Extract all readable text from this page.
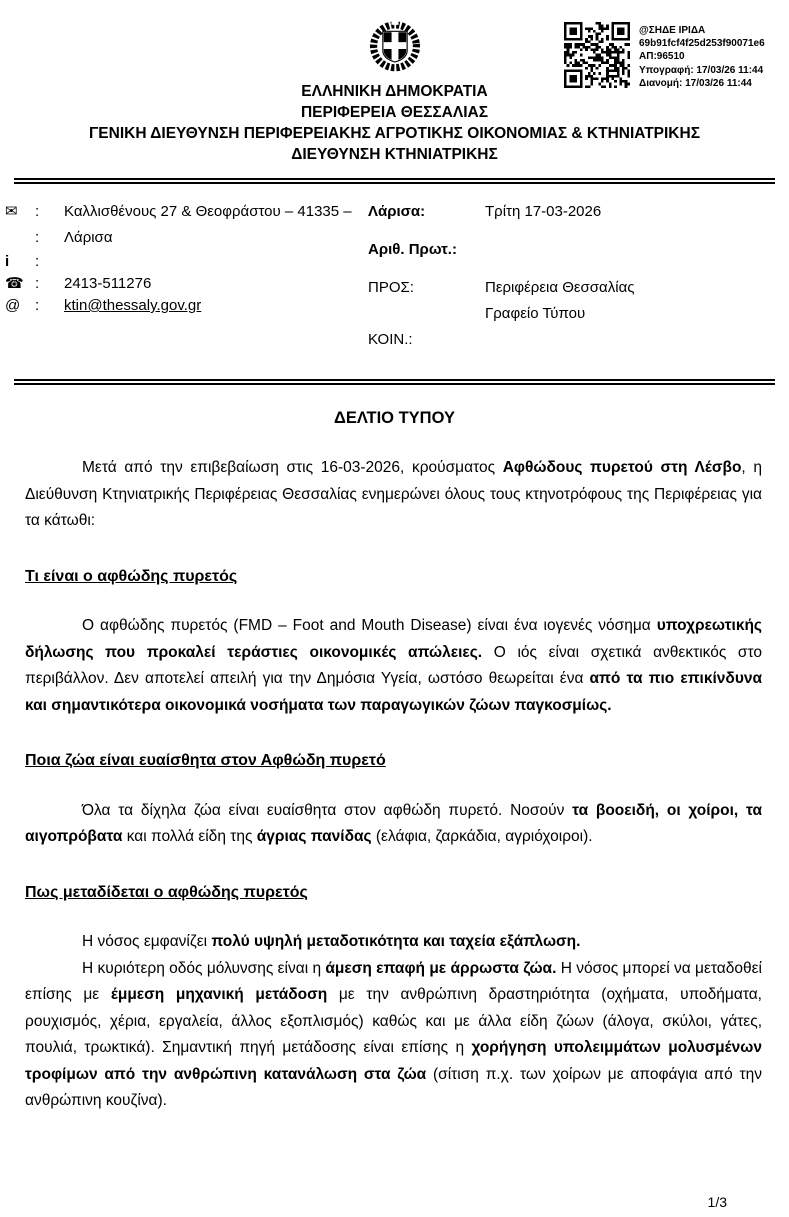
@ΣΗΔΕ ΙΡΙΔΑ
69b91fcf4f25d253f90071e6
ΑΠ:96510
Υπογραφή: 17/03/26 11:44
Διανομή: 17/03/26 11:44
ΕΛΛΗΝΙΚΗ ΔΗΜΟΚΡΑΤΙΑ
ΠΕΡΙΦΕΡΕΙΑ ΘΕΣΣΑΛΙΑΣ
ΓΕΝΙΚΗ ΔΙΕΥΘΥΝΣΗ ΠΕΡΙΦΕΡΕΙΑΚΗΣ ΑΓΡΟΤΙΚΗΣ ΟΙΚΟΝΟΜΙΑΣ & ΚΤΗΝΙΑΤΡΙΚΗΣ
ΔΙΕΥΘΥΝΣΗ ΚΤΗΝΙΑΤΡΙΚΗΣ
✉	:	Καλλισθένους 27 & Θεοφράστου – 41335 –
:	Λάρισα
i	:
☎ :	2413-511276
@ :	ktin@thessaly.gov.gr
Λάρισα:	Τρίτη 17-03-2026
Αριθ. Πρωτ.:
ΠΡΟΣ:	Περιφέρεια Θεσσαλίας
Γραφείο Τύπου
ΚΟΙΝ.:
ΔΕΛΤΙΟ ΤΥΠΟΥ

Μετά από την επιβεβαίωση στις 16-03-2026, κρούσματος Αφθώδους πυρετού στη Λέσβο, η Διεύθυνση Κτηνιατρικής Περιφέρειας Θεσσαλίας ενημερώνει όλους τους κτηνοτρόφους της Περιφέρειας για τα κάτωθι:

Τι είναι ο αφθώδης πυρετός

Ο αφθώδης πυρετός (FMD – Foot and Mouth Disease) είναι ένα ιογενές νόσημα υποχρεωτικής δήλωσης που προκαλεί τεράστιες οικονομικές απώλειες. Ο ιός είναι σχετικά ανθεκτικός στο περιβάλλον. Δεν αποτελεί απειλή για την Δημόσια Υγεία, ωστόσο θεωρείται ένα από τα πιο επικίνδυνα και σημαντικότερα οικονομικά νοσήματα των παραγωγικών ζώων παγκοσμίως.

Ποια ζώα είναι ευαίσθητα στον Αφθώδη πυρετό

Όλα τα δίχηλα ζώα είναι ευαίσθητα στον αφθώδη πυρετό. Νοσούν τα βοοειδή, οι χοίροι, τα αιγοπρόβατα και πολλά είδη της άγριας πανίδας (ελάφια, ζαρκάδια, αγριόχοιροι).

Πως μεταδίδεται ο αφθώδης πυρετός

Η νόσος εμφανίζει πολύ υψηλή μεταδοτικότητα και ταχεία εξάπλωση.

Η κυριότερη οδός μόλυνσης είναι η άμεση επαφή με άρρωστα ζώα. Η νόσος μπορεί να μεταδοθεί επίσης με έμμεση μηχανική μετάδοση με την ανθρώπινη δραστηριότητα (οχήματα, υποδήματα, ρουχισμός, χέρια, εργαλεία, άλλος εξοπλισμός) καθώς και με άλλα είδη ζώων (άλογα, σκύλοι, γάτες, πουλιά, τρωκτικά). Σημαντική πηγή μετάδοσης είναι επίσης η χορήγηση υπολειμμάτων μολυσμένων τροφίμων από την ανθρώπινη κατανάλωση στα ζώα (σίτιση π.χ. των χοίρων με αποφάγια από την ανθρώπινη κουζίνα).

1/3
